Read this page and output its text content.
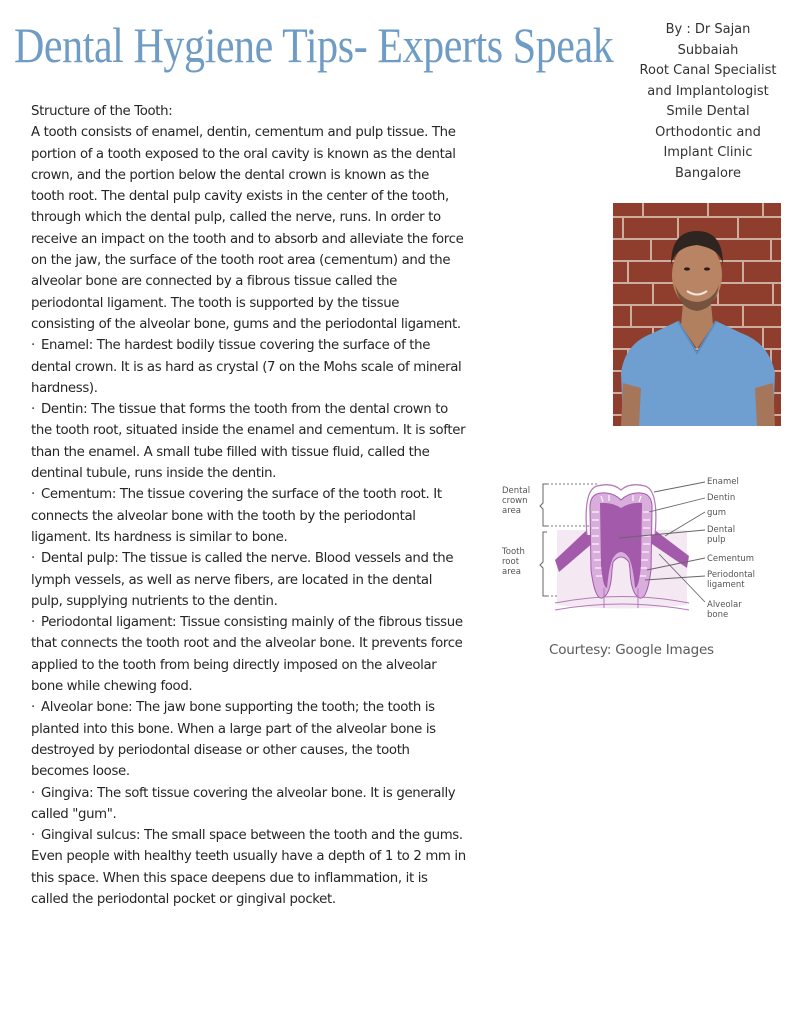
Dental Hygiene Tips- Experts Speak	By : Dr Sajan
Subbaiah
Root Canal Specialist
and Implantologist
Smile Dental
Orthodontic and
Implant Clinic
Bangalore

Structure of the Tooth:

A tooth consists of enamel, dentin, cementum and pulp tissue. The portion of a tooth exposed to the oral cavity is known as the dental crown, and the portion below the dental crown is known as the tooth root. The dental pulp cavity exists in the center of the tooth, through which the dental pulp, called the nerve, runs. In order to receive an impact on the tooth and to absorb and alleviate the force on the jaw, the surface of the tooth root area (cementum) and the alveolar bone are connected by a fibrous tissue called the periodontal ligament. The tooth is supported by the tissue consisting of the alveolar bone, gums and the periodontal ligament.

· Enamel: The hardest bodily tissue covering the surface of the dental crown. It is as hard as crystal (7 on the Mohs scale of mineral hardness).

· Dentin: The tissue that forms the tooth from the dental crown to the tooth root, situated inside the enamel and cementum. It is softer than the enamel. A small tube filled with tissue fluid, called the dentinal tubule, runs inside the dentin.

· Cementum: The tissue covering the surface of the tooth root. It connects the alveolar bone with the tooth by the periodontal ligament. Its hardness is similar to bone.

· Dental pulp: The tissue is called the nerve. Blood vessels and the lymph vessels, as well as nerve fibers, are located in the dental pulp, supplying nutrients to the dentin.

· Periodontal ligament: Tissue consisting mainly of the fibrous tissue that connects the tooth root and the alveolar bone. It prevents force applied to the tooth from being directly imposed on the alveolar bone while chewing food.

· Alveolar bone: The jaw bone supporting the tooth; the tooth is planted into this bone. When a large part of the alveolar bone is destroyed by periodontal disease or other causes, the tooth becomes loose.

· Gingiva: The soft tissue covering the alveolar bone. It is generally called "gum".

· Gingival sulcus: The small space between the tooth and the gums. Even people with healthy teeth usually have a depth of 1 to 2 mm in this space. When this space deepens due to inflammation, it is called the periodontal pocket or gingival pocket.

Dental crown area
Tooth root area
Enamel
Dentin
gum
Dental pulp
Cementum
Periodontal ligament
Alveolar bone
Courtesy: Google Images
